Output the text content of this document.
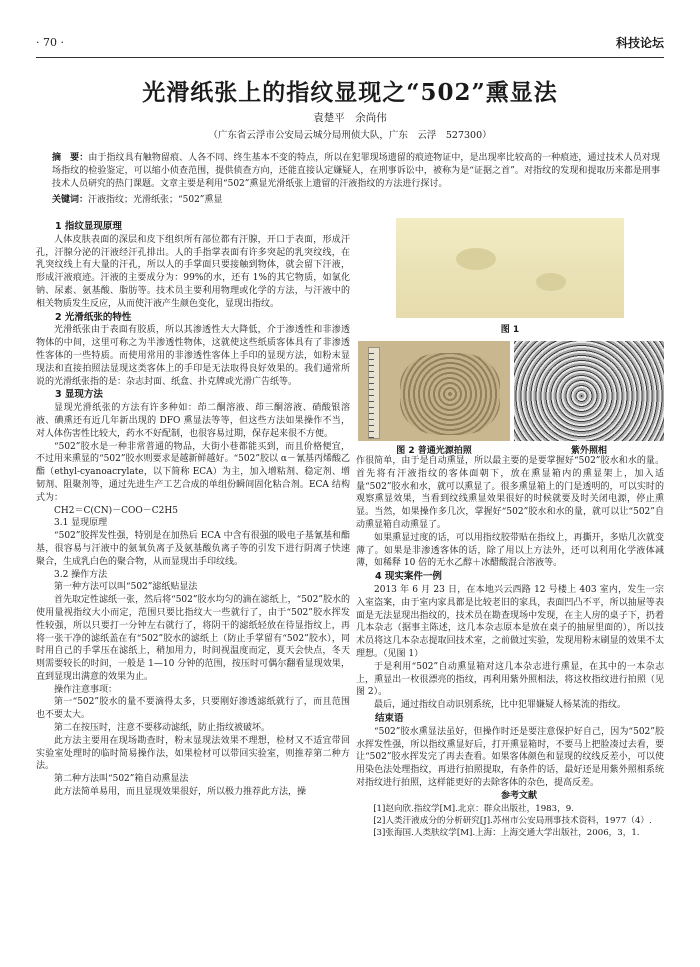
· 70 ·	科技论坛
光滑纸张上的指纹显现之“502”熏显法
袁楚平　余尚伟
（广东省云浮市公安局云城分局刑侦大队，广东　云浮　527300）
摘　要：由于指纹具有触物留痕、人各不同、终生基本不变的特点，所以在犯罪现场遗留的痕迹物证中，是出现率比较高的一种痕迹，通过技术人员对现场指纹的检验鉴定，可以缩小侦查范围，提供侦查方向，还能直接认定嫌疑人，在刑事诉讼中，被称为是“证据之首”。对指纹的发现和提取历来都是刑事技术人员研究的热门课题。文章主要是利用“502”熏显光滑纸张上遗留的汗液指纹的方法进行探讨。
关键词：汗液指纹；光滑纸张；“502”熏显
1 指纹显现原理

人体皮肤表面的深层和皮下组织所有部位都有汗腺，开口于表面，形成汗孔，汗腺分泌的汗液经汗孔排出。人的手指掌表面有许多突起的乳突纹线，在乳突纹线上有大量的汗孔，所以人的手掌面只要接触到物体，就会留下汗液，形成汗液痕迹。汗液的主要成分为：99%的水，还有 1%的其它物质，如氯化钠、尿素、氨基酸、脂肪等。技术员主要利用物理或化学的方法，与汗液中的相关物质发生反应，从而使汗液产生颜色变化，显现出指纹。

2 光滑纸张的特性

光滑纸张由于表面有胶质，所以其渗透性大大降低，介于渗透性和非渗透物体的中间，这里可称之为半渗透性物体，这就使这些纸质客体具有了非渗透性客体的一些特质。而使用常用的非渗透性客体上手印的显现方法，如粉末显现法和直接拍照法显现这类客体上的手印是无法取得良好效果的。我们通常所说的光滑纸张指的是：杂志封面、纸盒、扑克牌或光滑广告纸等。

3 显现方法

显现光滑纸张的方法有许多种如：茚二酮溶液、茚三酮溶液、硝酸银溶液、碘熏还有近几年新出现的 DFO 熏显法等等，但这些方法如果操作不当，对人体伤害性比较大，药水不好配制，也很容易过期，保存起来很不方便。

“502”胶水是一种非常普通的物品，大街小巷都能买到，而且价格便宜，不过用来熏显的“502”胶水则要求是越新鲜越好。“502”胶以 α－氰基丙烯酸乙酯（ethyl-cyanoacrylate，以下简称 ECA）为主，加入增粘剂、稳定剂、增韧剂、阻聚剂等，通过先进生产工艺合成的单组份瞬间固化粘合剂。ECA 结构式为：

CH2＝C(CN)－COO－C2H5

3.1 显现原理

“502”胶挥发性强，特别是在加热后 ECA 中含有很强的吸电子基氰基和酯基，很容易与汗液中的氨氧负离子及氨基酸负离子等的引发下进行阴离子快速聚合，生成乳白色的聚合物，从而显现出手印纹线。

3.2 操作方法

第一种方法可以叫“502”滤纸贴显法

首先取定性滤纸一张，然后将“502”胶水均匀的滴在滤纸上，“502”胶水的使用量视指纹大小而定，范围只要比指纹大一些就行了，由于“502”胶水挥发性较强，所以只要打一分钟左右就行了，将阴干的滤纸轻放在待显指纹上，再将一张干净的滤纸盖在有“502”胶水的滤纸上（防止手掌留有“502”胶水），同时用自己的手掌压在滤纸上，稍加用力，时间视温度而定，夏天会快点，冬天则需要较长的时间，一般是 1—10 分钟的范围，按压时可偶尔翻看显现效果，直到显现出满意的效果为止。

操作注意事项：

第一“502”胶水的量不要滴得太多，只要刚好渗透滤纸就行了，而且范围也不要太大。

第二在按压时，注意不要移动滤纸，防止指纹被破坏。

此方法主要用在现场勘查时，粉末显现法效果不理想，检材又不适宜带回实验室处理时的临时简易操作法，如果检材可以带回实验室，则推荐第二种方法。

第二种方法叫“502”箱自动熏显法

此方法简单易用，而且显现效果很好，所以极力推荐此方法，操

图 1
图 2 普通光源拍照	紫外照相

作很简单，由于是自动熏显，所以最主要的是要掌握好“502”胶水和水的量。首先将有汗液指纹的客体面朝下，放在熏显箱内的熏显架上，加入适量“502”胶水和水，就可以熏显了。很多熏显箱上的门是透明的，可以实时的观察熏显效果，当看到纹线熏显效果很好的时候就要及时关闭电源，停止熏显。当然，如果操作多几次，掌握好“502”胶水和水的量，就可以让“502”自动熏显箱自动熏显了。

如果熏显过度的话，可以用指纹胶带贴在指纹上，再撕开，多贴几次就变薄了。如果是非渗透客体的话，除了用以上方法外，还可以利用化学液体减薄，如稀释 10 倍的无水乙醇＋冰醋酸混合溶液等。

4 现实案件一例

2013 年 6 月 23 日，在本地兴云西路 12 号楼上 403 室内，发生一宗入室盗案，由于室内家具都是比较老旧的家具，表面凹凸不平，所以抽屉等表面是无法显现出指纹的，技术员在勘查现场中发现，在主人房的桌子下，扔着几本杂志（据事主陈述，这几本杂志原本是放在桌子的抽屉里面的），所以技术员将这几本杂志提取回技术室，之前做过实验，发现用粉末刷显的效果不太理想。（见图 1）

于是利用“502”自动熏显箱对这几本杂志进行熏显，在其中的一本杂志上，熏显出一枚很漂亮的指纹，再利用紫外照相法，将这枚指纹进行拍照（见图 2）。

最后，通过指纹自动识别系统，比中犯罪嫌疑人杨某流的指纹。

结束语

“502”胶水熏显法虽好，但操作时还是要注意保护好自己，因为“502”胶水挥发性强，所以指纹熏显好后，打开熏显箱时，不要马上把脸凑过去看，要让“502”胶水挥发完了再去查看。如果客体颜色和显现的纹线反差小，可以使用染色法处理指纹，再进行拍照提取，有条件的话，最好还是用紫外照相系统对指纹进行拍照，这样能更好的去除客体的杂色，提高反差。

参考文献

[1]赵向欣.指纹学[M].北京：群众出版社，1983，9.

[2]人类汗液成分的分析研究[J].苏州市公安局刑事技术资料，1977（4）.

[3]张海国.人类肤纹学[M].上海：上海交通大学出版社，2006，3，1.
